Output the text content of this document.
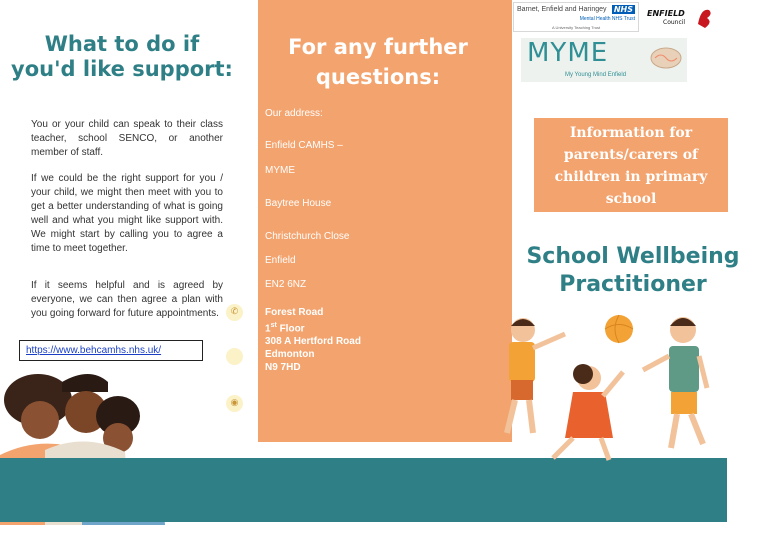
What to do if
you'd like support:
You or your child can speak to their class teacher, school SENCO, or another member of staff.
If we could be the right support for you / your child, we might then meet with you to get a better understanding of what is going well and what you might like support with. We might start by calling you to agree a time to meet together.
If it seems helpful and is agreed by everyone, we can then agree a plan with you going forward for future appointments.
https://www.behcamhs.nhs.uk/
✆
◉
For any further
questions:
Our address:
Enfield CAMHS –
MYME
Baytree House
Christchurch Close
Enfield
EN2 6NZ
Forest Road
1st Floor
308 A Hertford Road
Edmonton
N9 7HD
Barnet, Enfield and Haringey NHS
Mental Health NHS Trust
A University Teaching Trust
ENFIELD
Council
MYME
My Young Mind Enfield
Information for parents/carers of children in primary school
School Wellbeing
Practitioner
